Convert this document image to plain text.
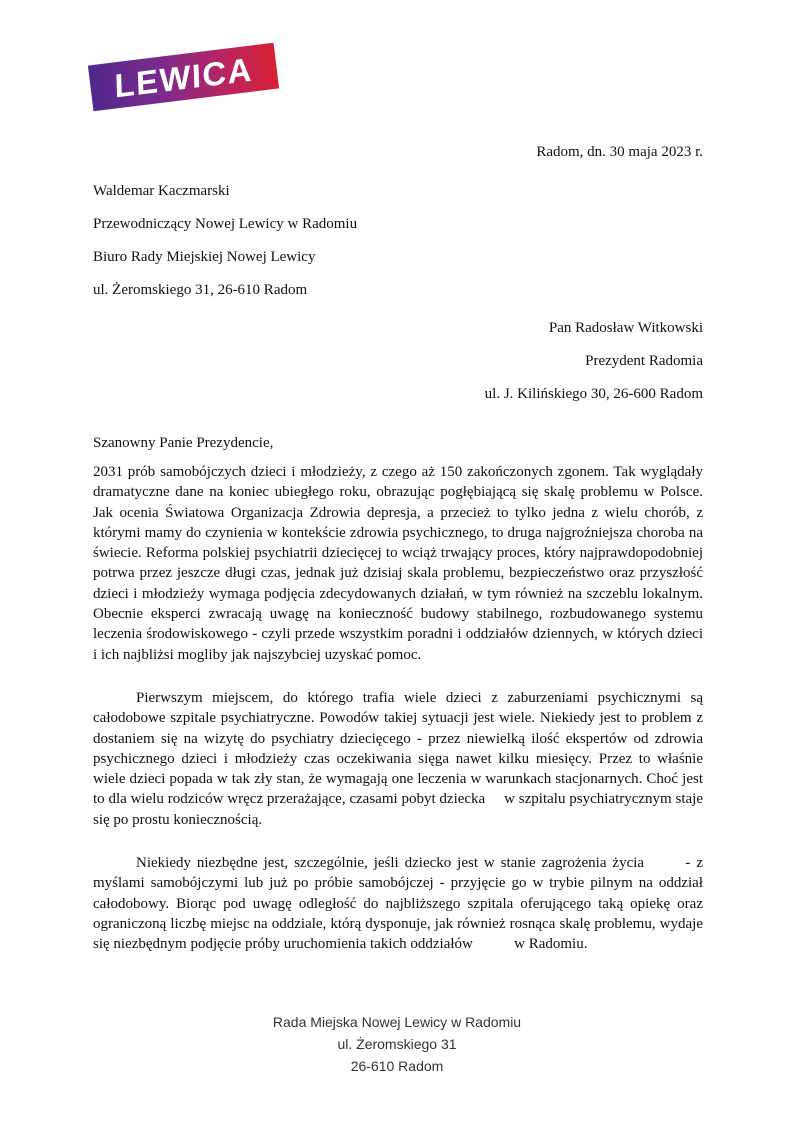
LEWICA

Radom, dn. 30 maja 2023 r.

Waldemar Kaczmarski

Przewodniczący Nowej Lewicy w Radomiu

Biuro Rady Miejskiej Nowej Lewicy

ul. Żeromskiego 31, 26-610 Radom

Pan Radosław Witkowski

Prezydent Radomia

ul. J. Kilińskiego 30, 26-600 Radom

Szanowny Panie Prezydencie,

2031 prób samobójczych dzieci i młodzieży, z czego aż 150 zakończonych zgonem. Tak wyglądały dramatyczne dane na koniec ubiegłego roku, obrazując pogłębiającą się skalę problemu w Polsce. Jak ocenia Światowa Organizacja Zdrowia depresja, a przecież to tylko jedna z wielu chorób, z którymi mamy do czynienia w kontekście zdrowia psychicznego, to druga najgroźniejsza choroba na świecie. Reforma polskiej psychiatrii dziecięcej to wciąż trwający proces, który najprawdopodobniej potrwa przez jeszcze długi czas, jednak już dzisiaj skala problemu, bezpieczeństwo oraz przyszłość dzieci i młodzieży wymaga podjęcia zdecydowanych działań, w tym również na szczeblu lokalnym. Obecnie eksperci zwracają uwagę na konieczność budowy stabilnego, rozbudowanego systemu leczenia środowiskowego - czyli przede wszystkim poradni i oddziałów dziennych, w których dzieci i ich najbliżsi mogliby jak najszybciej uzyskać pomoc.

Pierwszym miejscem, do którego trafia wiele dzieci z zaburzeniami psychicznymi są całodobowe szpitale psychiatryczne. Powodów takiej sytuacji jest wiele. Niekiedy jest to problem z dostaniem się na wizytę do psychiatry dziecięcego - przez niewielką ilość ekspertów od zdrowia psychicznego dzieci i młodzieży czas oczekiwania sięga nawet kilku miesięcy. Przez to właśnie wiele dzieci popada w tak zły stan, że wymagają one leczenia w warunkach stacjonarnych. Choć jest to dla wielu rodziców wręcz przerażające, czasami pobyt dziecka     w szpitalu psychiatrycznym staje się po prostu koniecznością.

Niekiedy niezbędne jest, szczególnie, jeśli dziecko jest w stanie zagrożenia życia       - z myślami samobójczymi lub już po próbie samobójczej - przyjęcie go w trybie pilnym na oddział całodobowy. Biorąc pod uwagę odległość do najbliższego szpitala oferującego taką opiekę oraz ograniczoną liczbę miejsc na oddziale, którą dysponuje, jak również rosnąca skalę problemu, wydaje się niezbędnym podjęcie próby uruchomienia takich oddziałów           w Radomiu.

Rada Miejska Nowej Lewicy w Radomiu

ul. Żeromskiego 31

26-610 Radom
